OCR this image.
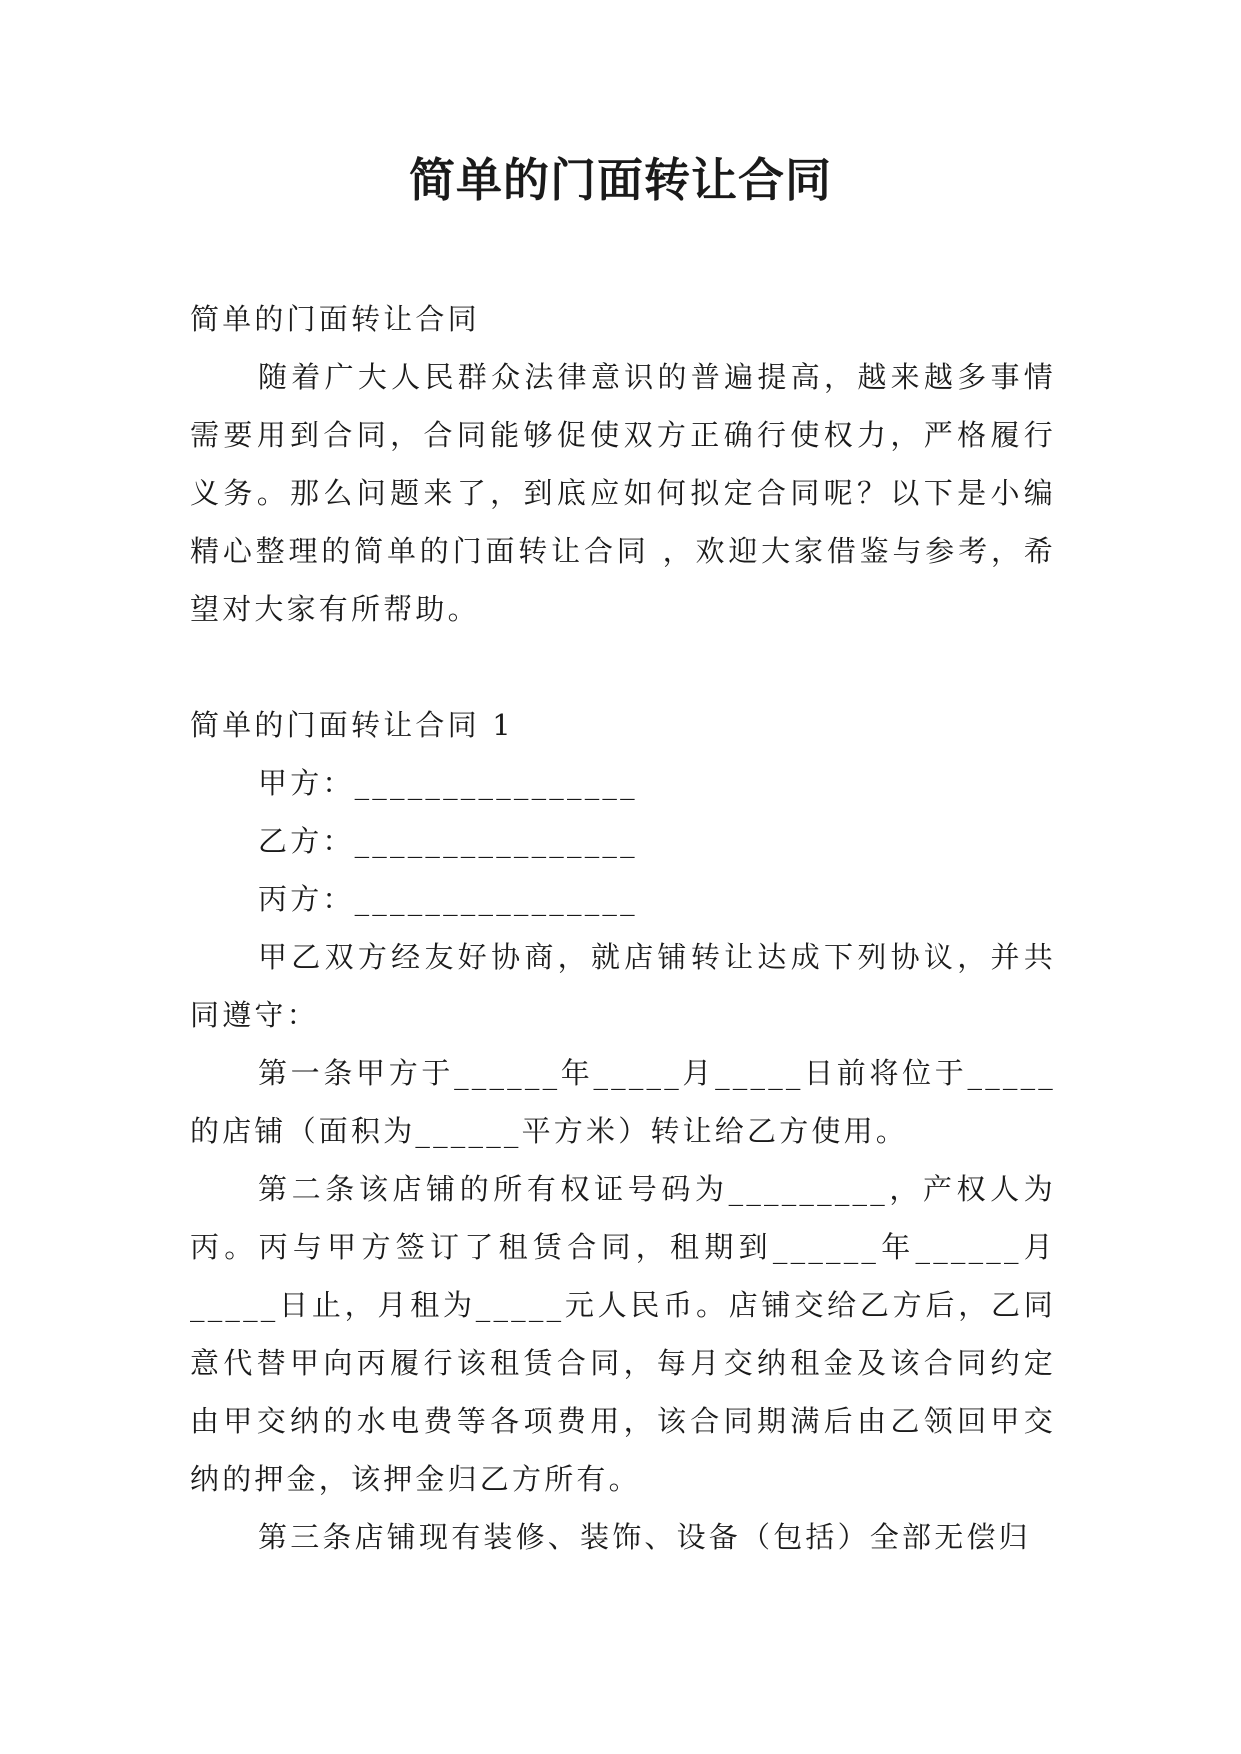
简单的门面转让合同

简单的门面转让合同

随着广大人民群众法律意识的普遍提高，越来越多事情需要用到合同，合同能够促使双方正确行使权力，严格履行义务。那么问题来了，到底应如何拟定合同呢？以下是小编精心整理的简单的门面转让合同 ，欢迎大家借鉴与参考，希望对大家有所帮助。

简单的门面转让合同 1

甲方：________________

乙方：________________

丙方：________________

甲乙双方经友好协商，就店铺转让达成下列协议，并共同遵守：

第一条甲方于______年_____月_____日前将位于_____的店铺（面积为______平方米）转让给乙方使用。

第二条该店铺的所有权证号码为_________，产权人为丙。丙与甲方签订了租赁合同，租期到______年______月_____日止，月租为_____元人民币。店铺交给乙方后，乙同意代替甲向丙履行该租赁合同，每月交纳租金及该合同约定由甲交纳的水电费等各项费用，该合同期满后由乙领回甲交纳的押金，该押金归乙方所有。

第三条店铺现有装修、装饰、设备（包括）全部无偿归
